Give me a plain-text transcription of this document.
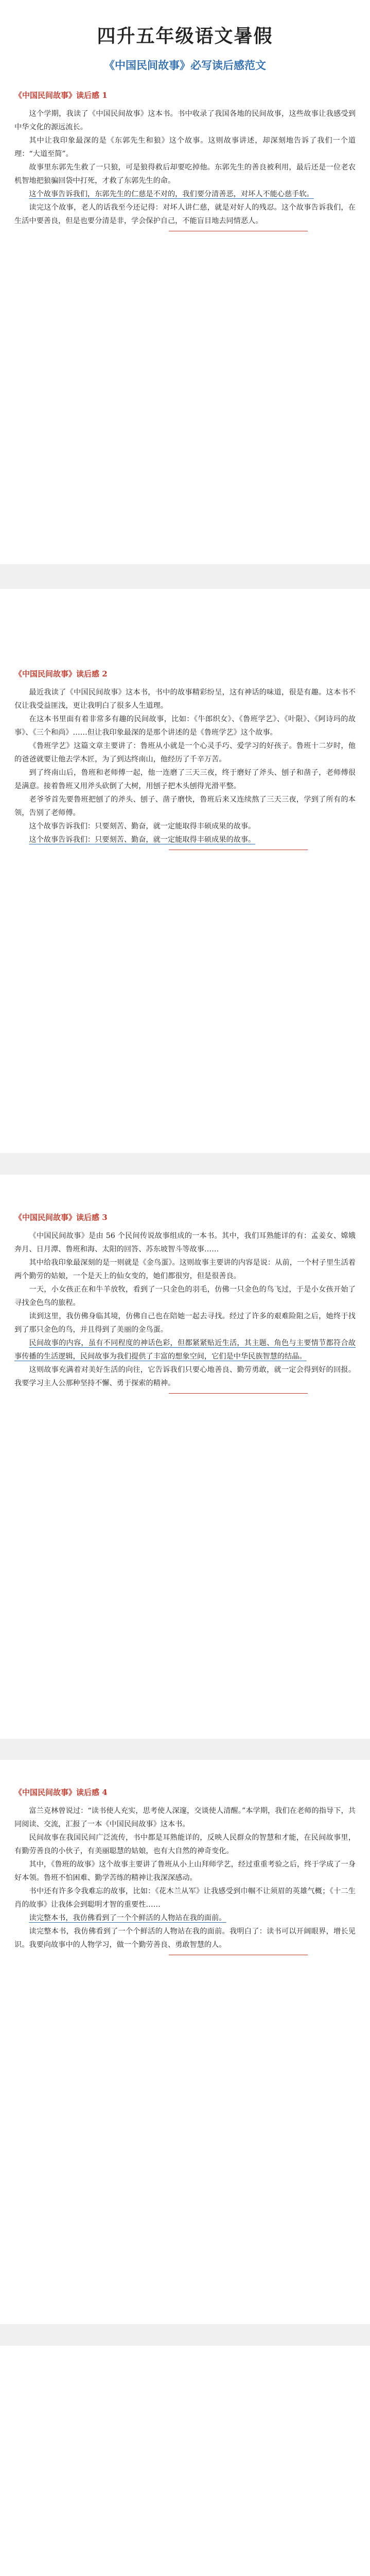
四升五年级语文暑假
《中国民间故事》必写读后感范文
《中国民间故事》读后感 1

这个学期，我读了《中国民间故事》这本书。书中收录了我国各地的民间故事，这些故事让我感受到中华文化的源远流长。

其中让我印象最深的是《东郭先生和狼》这个故事。这则故事讲述，却深刻地告诉了我们一个道理：“大道至简”。

故事里东郭先生救了一只狼，可是狼得救后却要吃掉他。东郭先生的善良被利用，最后还是一位老农机智地把狼骗回袋中打死，才救了东郭先生的命。

这个故事告诉我们，东郭先生的仁慈是不对的，我们要分清善恶，对坏人不能心慈手软。

读完这个故事，老人的话我至今还记得：对坏人讲仁慈，就是对好人的残忍。这个故事告诉我们，在生活中要善良，但是也要分清是非，学会保护自己，不能盲目地去同情恶人。

《中国民间故事》读后感 2

最近我读了《中国民间故事》这本书，书中的故事精彩纷呈，这有神话的味道，很是有趣。这本书不仅让我受益匪浅，更让我明白了很多人生道理。

在这本书里面有着非常多有趣的民间故事，比如：《牛郎织女》、《鲁班学艺》、《叶限》、《阿诗玛的故事》、《三个和尚》……但让我印象最深的是那个讲述的是《鲁班学艺》这个故事。

《鲁班学艺》这篇文章主要讲了：鲁班从小就是一个心灵手巧、爱学习的好孩子。鲁班十二岁时，他的爸爸就要让他去学木匠，为了到达终南山，他经历了千辛万苦。

到了终南山后，鲁班和老师傅一起，他一连磨了三天三夜，终于磨好了斧头、刨子和凿子，老师傅很是满意。接着鲁班又用斧头砍倒了大树，用刨子把木头刨得光滑平整。

老爷爷首先要鲁班把刨了的斧头、刨子、凿子磨快，鲁班后来又连续熬了三天三夜，学到了所有的本领，告别了老师傅。

这个故事告诉我们：只要刻苦、勤奋，就一定能取得丰硕成果的故事。

这个故事告诉我们：只要刻苦、勤奋，就一定能取得丰硕成果的故事。

《中国民间故事》读后感 3

《中国民间故事》是由 56 个民间传说故事组成的一本书。其中，我们耳熟能详的有：孟姜女、嫦娥奔月、日月潭、鲁班和海、太阳的回答、苏东坡智斗等故事……

其中给我印象最深刻的是一则就是《金鸟蛋》。这则故事主要讲的内容是说：从前，一个村子里生活着两个勤劳的姑娘，一个是天上的仙女变的，她们都很穷，但是很善良。

一天，小女孩正在和牛羊放牧，看到了一只金色的羽毛，仿佛一只金色的鸟飞过，于是小女孩开始了寻找金色鸟的旅程。

读到这里，我仿佛身临其境，仿佛自己也在陪她一起去寻找。经过了许多的艰难险阻之后，她终于找到了那只金色的鸟，并且得到了美丽的金鸟蛋。

民间故事的内容，虽有不同程度的神话色彩，但都紧紧贴近生活，其主题、角色与主要情节都符合故事传播的生活逻辑，民间故事为我们提供了丰富的想象空间，它们是中华民族智慧的结晶。

这则故事充满着对美好生活的向往，它告诉我们只要心地善良、勤劳勇敢，就一定会得到好的回报。我要学习主人公那种坚持不懈、勇于探索的精神。

《中国民间故事》读后感 4

富兰克林曾说过：“读书使人充实，思考使人深邃，交谈使人清醒。”本学期，我们在老师的指导下，共同阅读、交流，汇报了一本《中国民间故事》这本书。

民间故事在我国民间广泛流传，书中都是耳熟能详的，反映人民群众的智慧和才能，在民间故事里，有勤劳善良的小伙子，有美丽聪慧的姑娘，也有大自然的神奇变化。

其中，《鲁班的故事》这个故事主要讲了鲁班从小上山拜师学艺，经过重重考验之后，终于学成了一身好本领。鲁班不怕困难、勤学苦练的精神让我深深感动。

书中还有许多令我难忘的故事，比如：《花木兰从军》让我感受到巾帼不让须眉的英雄气概；《十二生肖的故事》让我体会到聪明才智的重要性……

读完整本书，我仿佛看到了一个个鲜活的人物站在我的面前。

读完整本书，我仿佛看到了一个个鲜活的人物站在我的面前。我明白了：读书可以开阔眼界，增长见识。我要向故事中的人物学习，做一个勤劳善良、勇敢智慧的人。
